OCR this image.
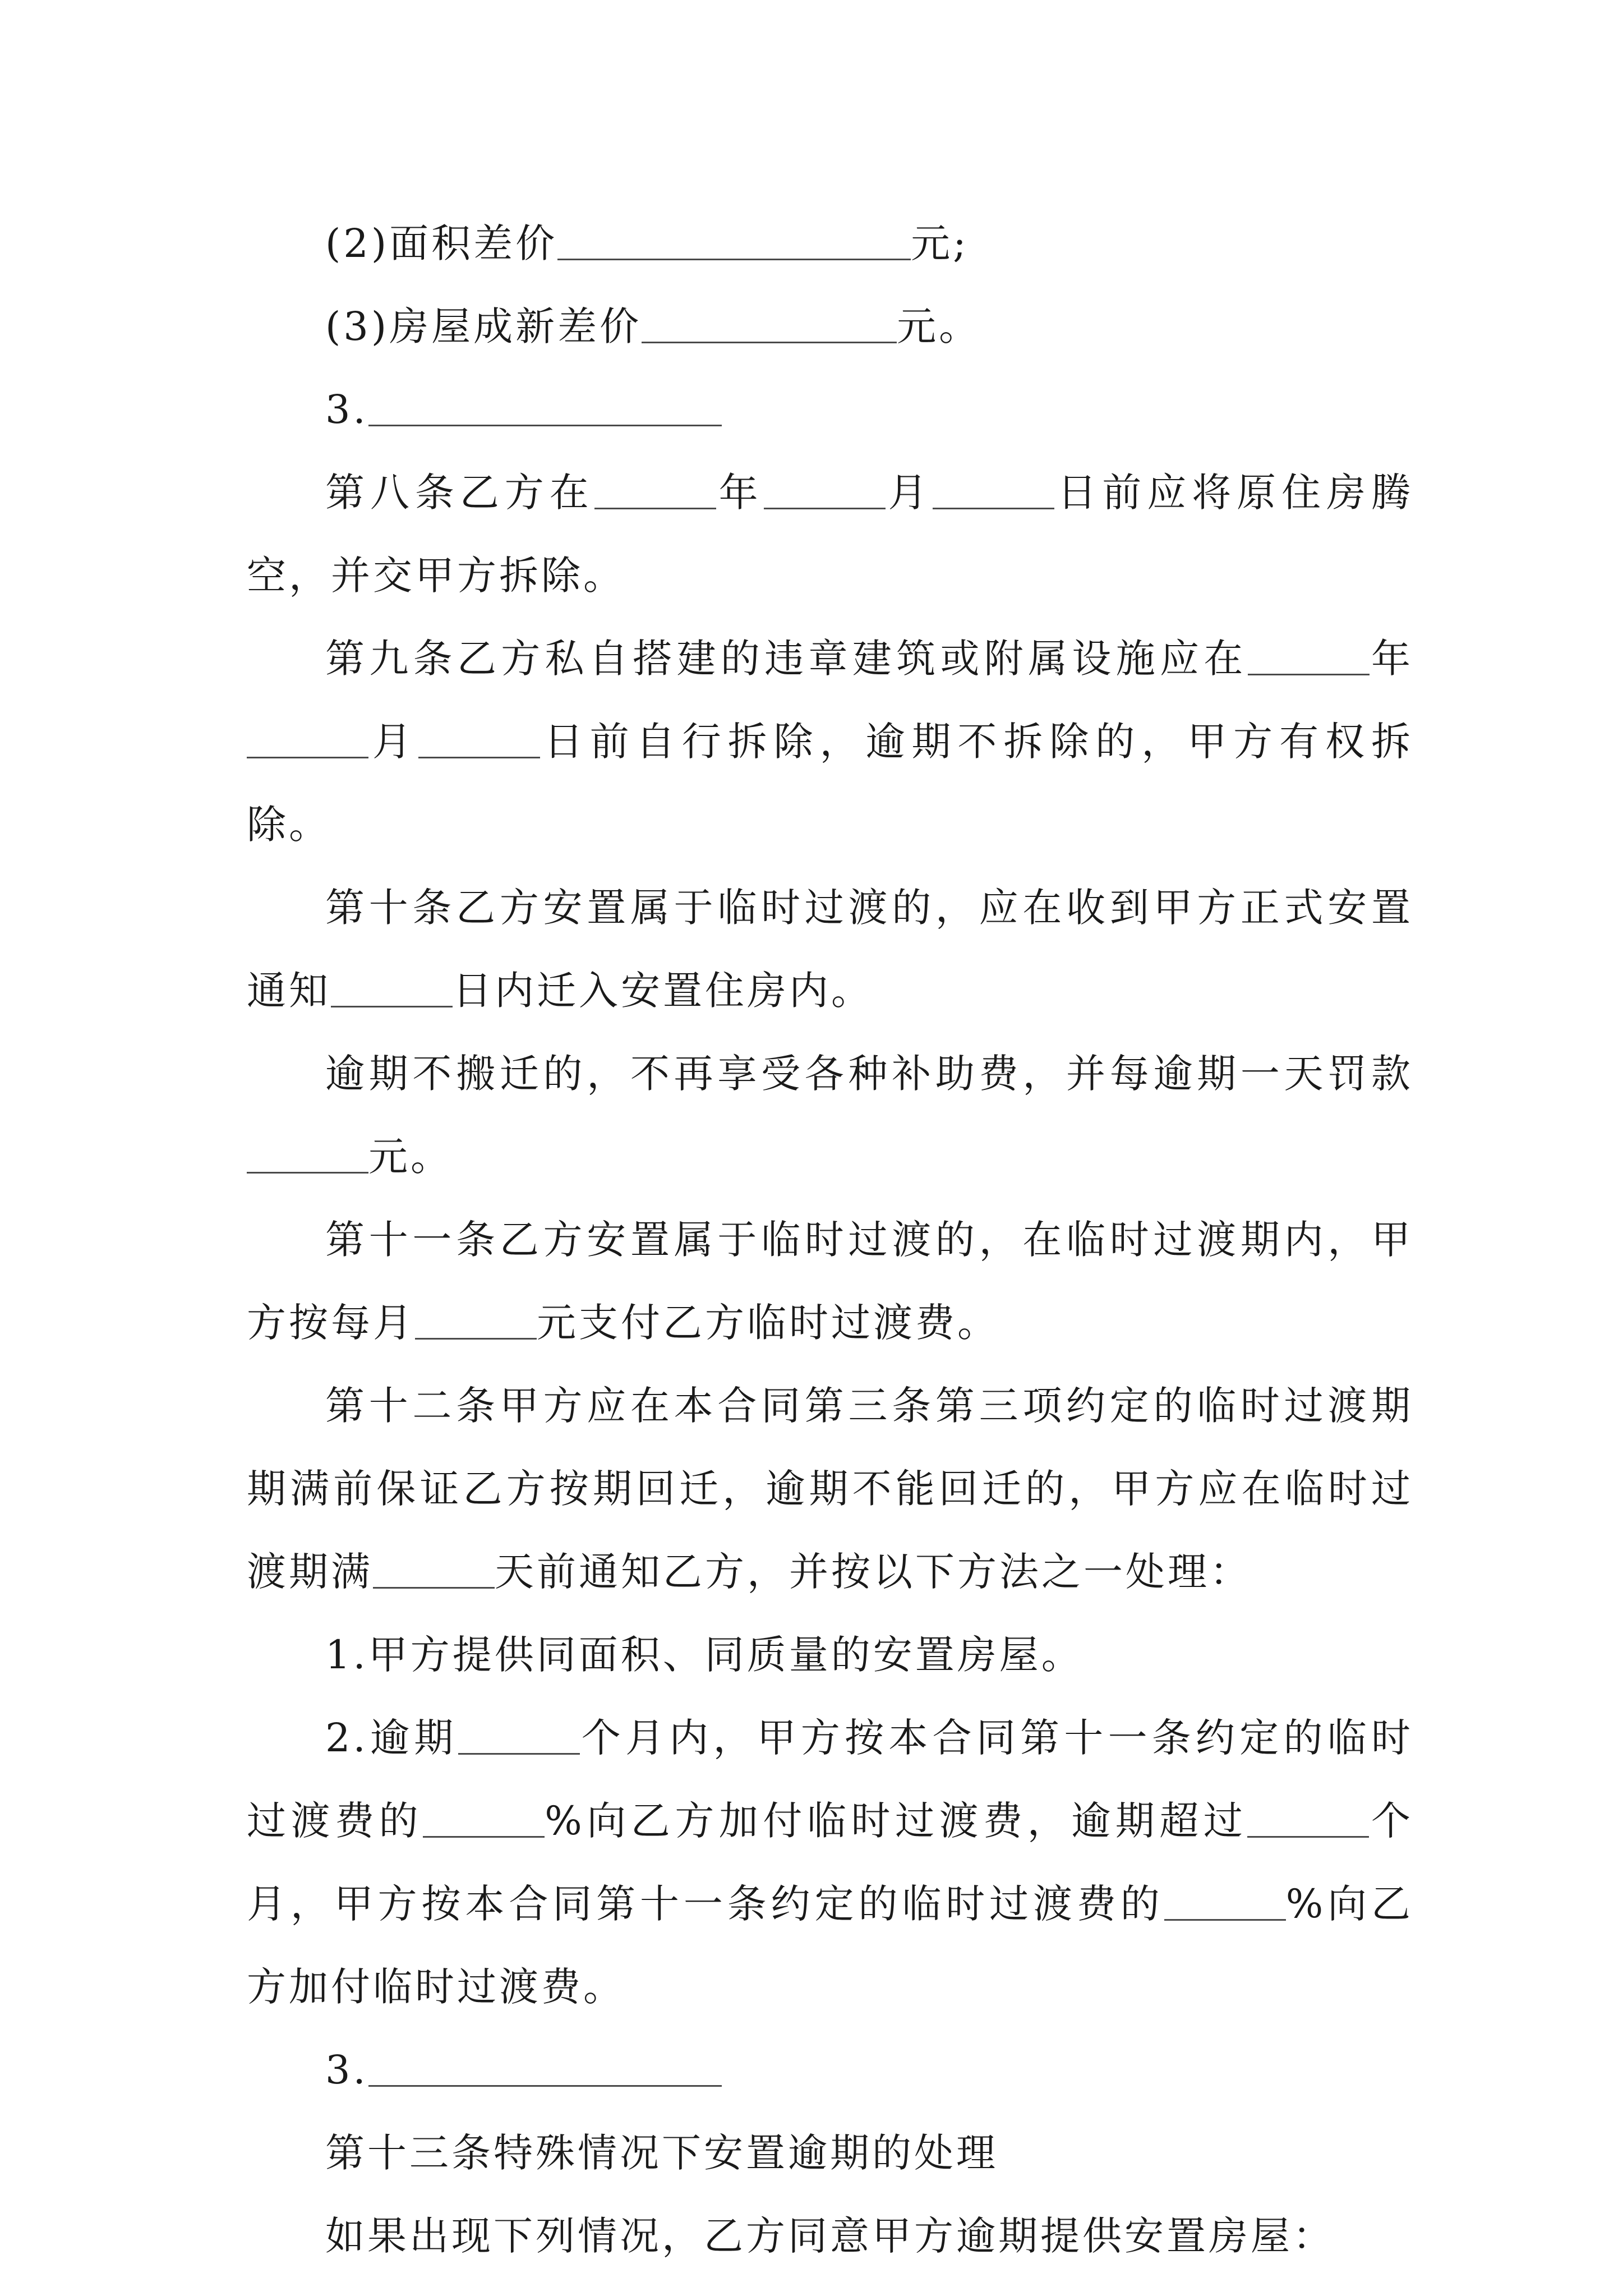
(2)面积差价	元;

(3)房屋成新差价	元。

3.

第八条乙方在	年	月	日前应将原住房腾空，并交甲方拆除。

第九条乙方私自搭建的违章建筑或附属设施应在	年月	日前自行拆除，逾期不拆除的，甲方有权拆除。

第十条乙方安置属于临时过渡的，应在收到甲方正式安置通知	日内迁入安置住房内。

逾期不搬迁的，不再享受各种补助费，并每逾期一天罚款元。

第十一条乙方安置属于临时过渡的，在临时过渡期内，甲方按每月	元支付乙方临时过渡费。

第十二条甲方应在本合同第三条第三项约定的临时过渡期期满前保证乙方按期回迁，逾期不能回迁的，甲方应在临时过渡期满	天前通知乙方，并按以下方法之一处理：

1.甲方提供同面积、同质量的安置房屋。

2.逾期	个月内，甲方按本合同第十一条约定的临时过渡费的	%向乙方加付临时过渡费，逾期超过	个月，甲方按本合同第十一条约定的临时过渡费的	%向乙方加付临时过渡费。

3.

第十三条特殊情况下安置逾期的处理

如果出现下列情况，乙方同意甲方逾期提供安置房屋：
